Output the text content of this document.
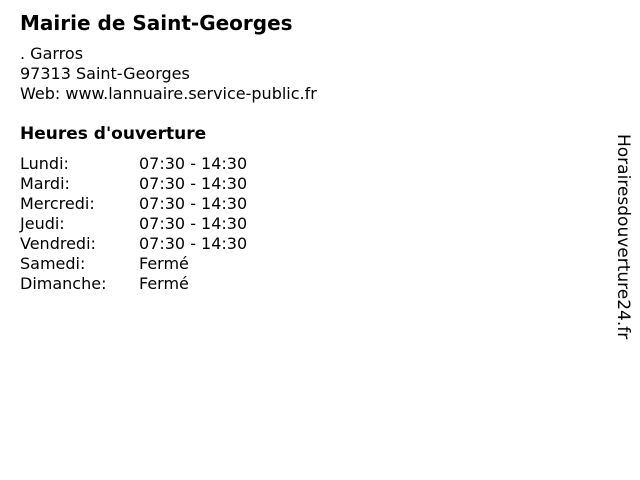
Mairie de Saint-Georges
. Garros
97313 Saint-Georges
Web: www.lannuaire.service-public.fr
Heures d'ouverture
Lundi:	07:30 - 14:30
Mardi:	07:30 - 14:30
Mercredi:	07:30 - 14:30
Jeudi:	07:30 - 14:30
Vendredi:	07:30 - 14:30
Samedi:	Fermé
Dimanche:	Fermé	Horairesdouverture24.fr
